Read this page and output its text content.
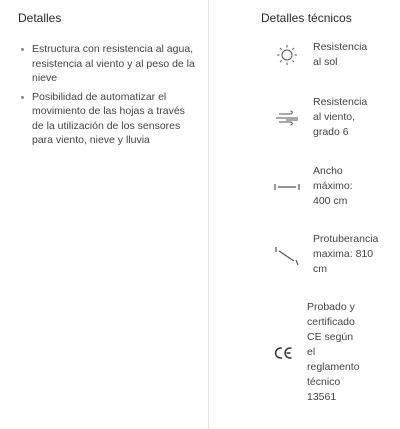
Detalles
Estructura con resistencia al agua, resistencia al viento y al peso de la nieve
Posibilidad de automatizar el movimiento de las hojas a través de la utilización de los sensores para viento, nieve y lluvia
Detalles técnicos
Resistencia
al sol
Resistencia
al viento,
grado 6
Ancho
máximo:
400 cm
Protuberancia
maxima: 810
cm
Probado y
certificado
CE según
el
reglamento
técnico
13561
